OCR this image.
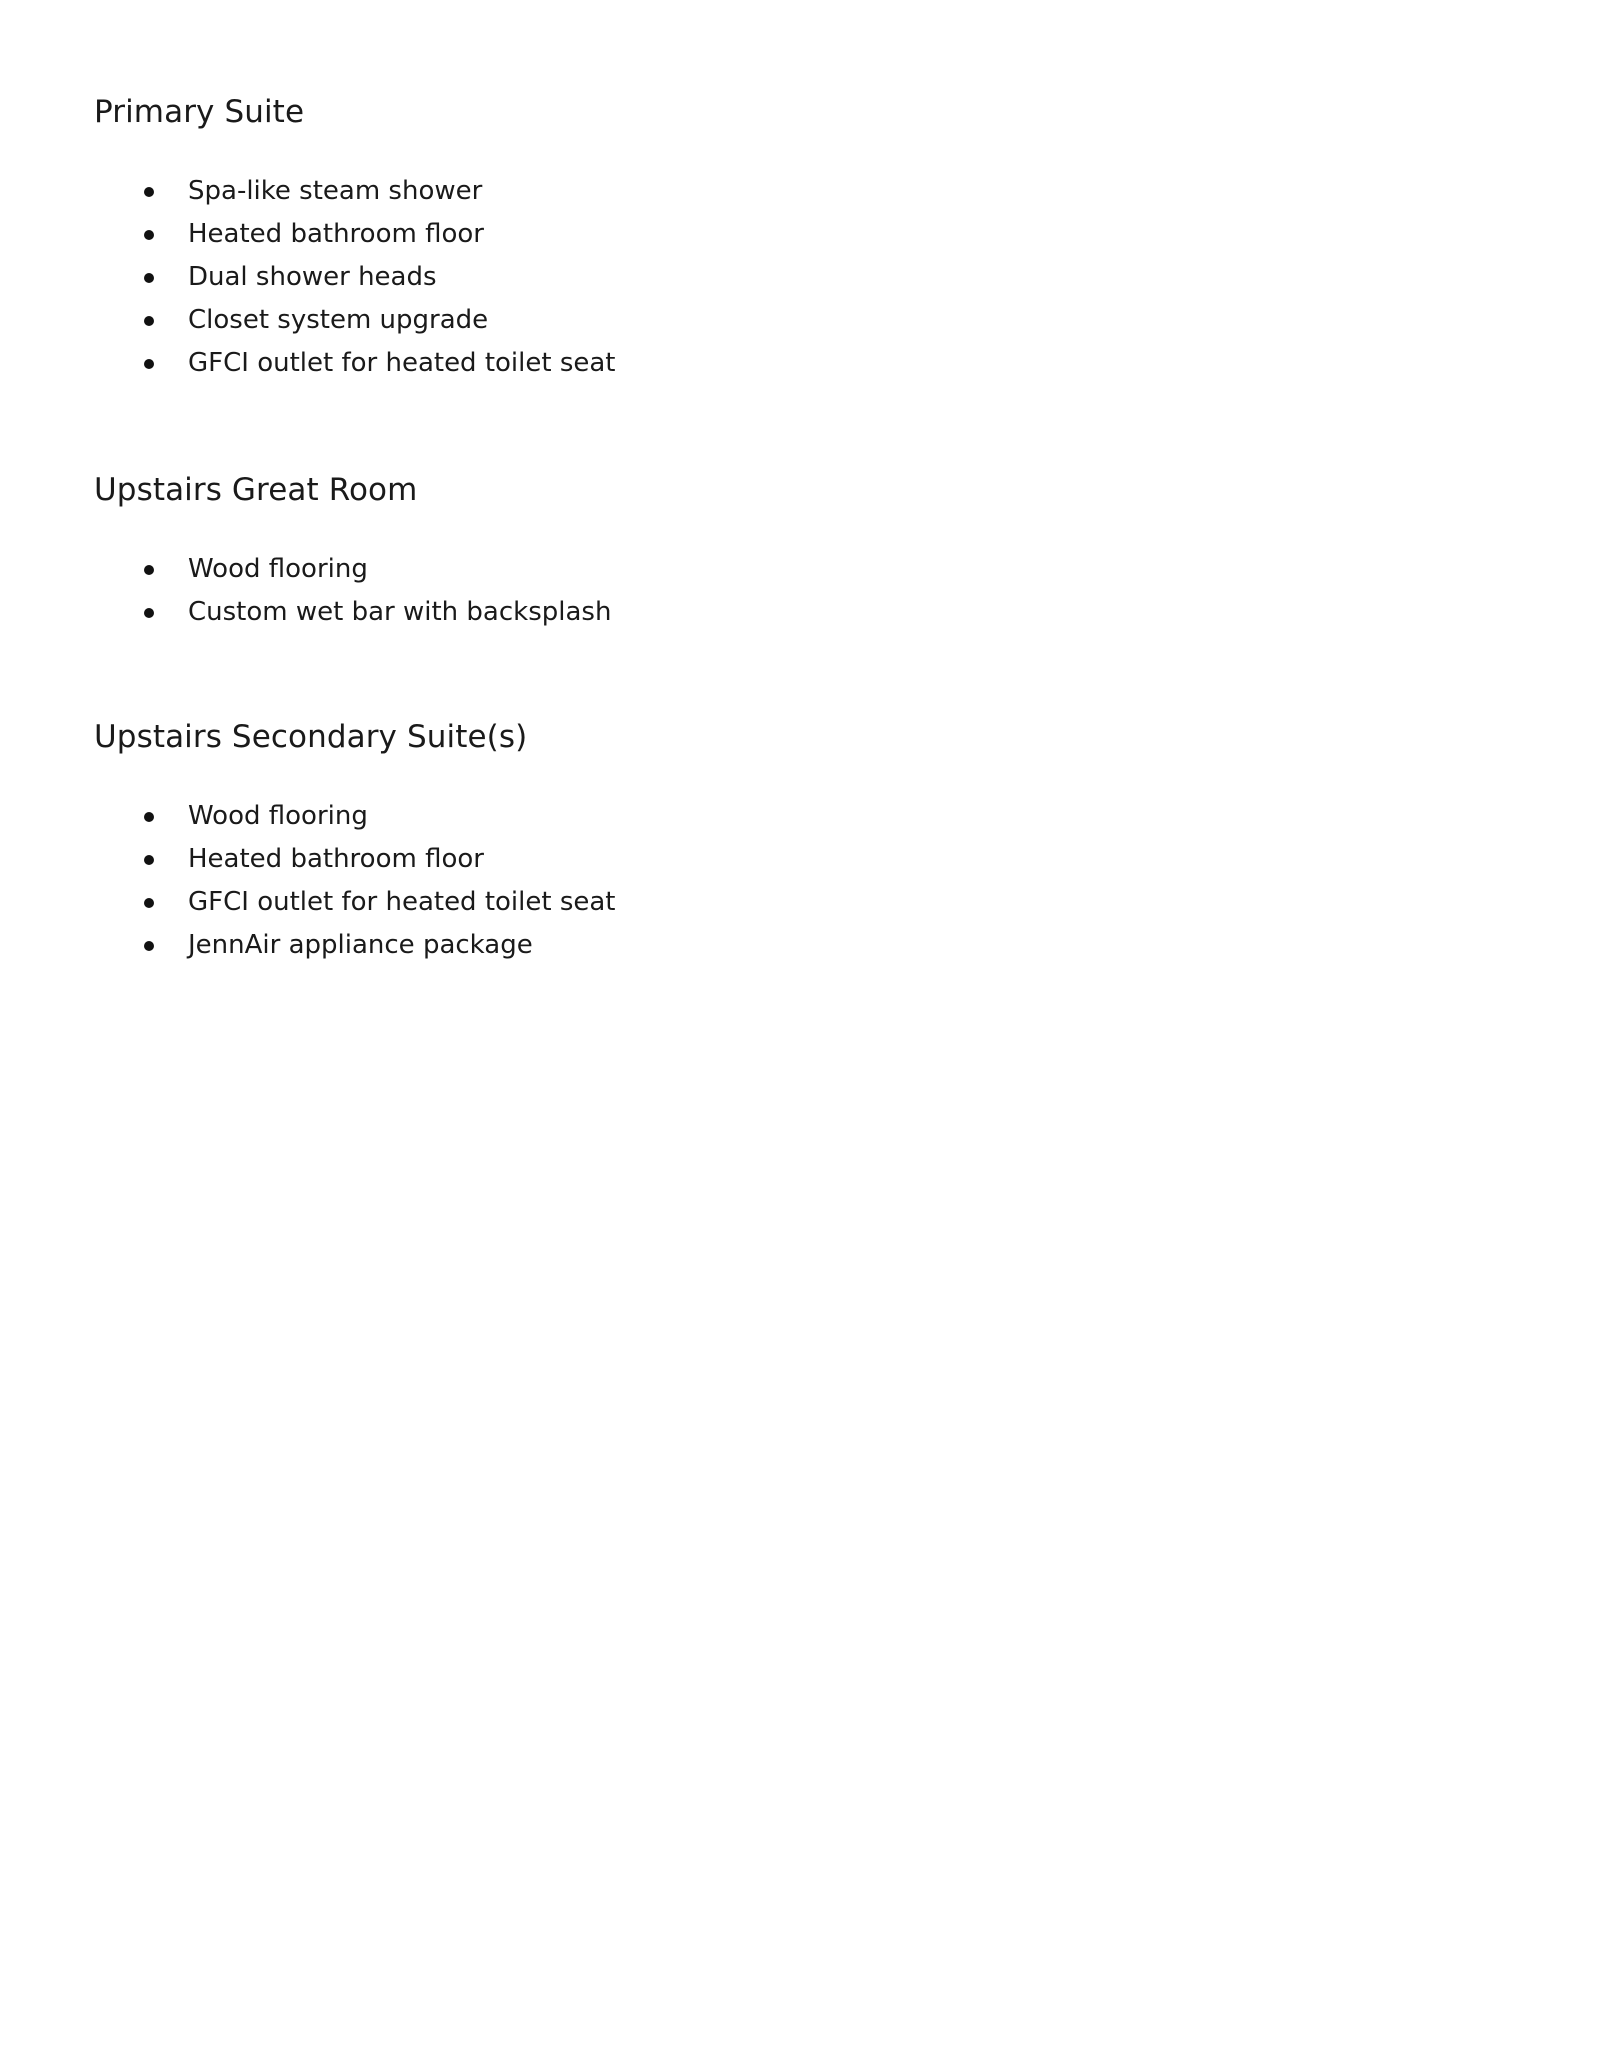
Primary Suite
Spa-like steam shower
Heated bathroom floor
Dual shower heads
Closet system upgrade
GFCI outlet for heated toilet seat
Upstairs Great Room
Wood flooring
Custom wet bar with backsplash
Upstairs Secondary Suite(s)
Wood flooring
Heated bathroom floor
GFCI outlet for heated toilet seat
JennAir appliance package
